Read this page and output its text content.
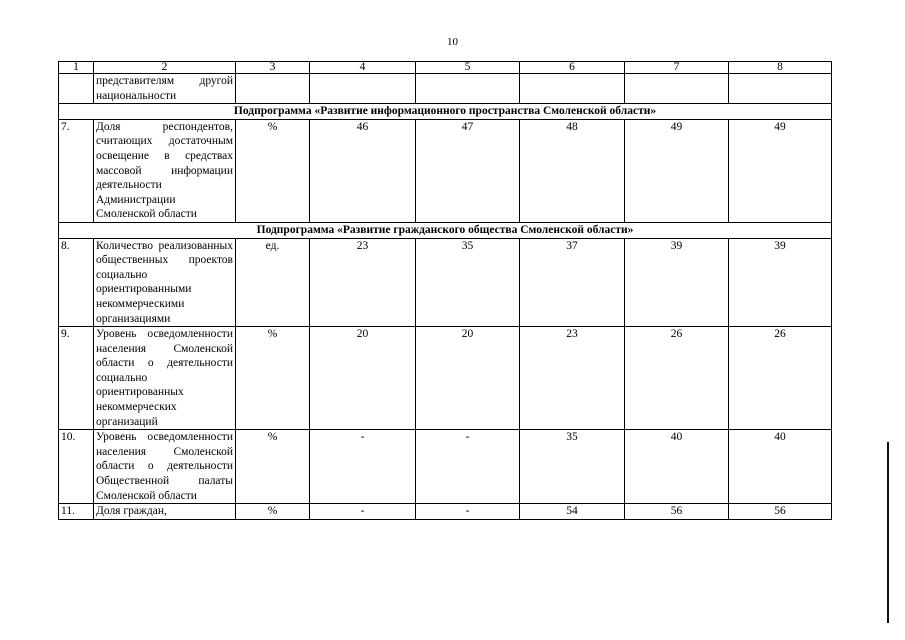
10
1	2	3	4	5	6	7	8
	представителям другой национальности						
Подпрограмма «Развитие информационного пространства Смоленской области»							
7.	Доля респондентов, считающих достаточным освещение в средствах массовой информации деятельности Администрации Смоленской области	%	46	47	48	49	49
Подпрограмма «Развитие гражданского общества Смоленской области»							
8.	Количество реализованных общественных проектов социально ориентированными некоммерческими организациями	ед.	23	35	37	39	39
9.	Уровень осведомленности населения Смоленской области о деятельности социально ориентированных некоммерческих организаций	%	20	20	23	26	26
10.	Уровень осведомленности населения Смоленской области о деятельности Общественной палаты Смоленской области	%	-	-	35	40	40
11.	Доля граждан,	%	-	-	54	56	56
